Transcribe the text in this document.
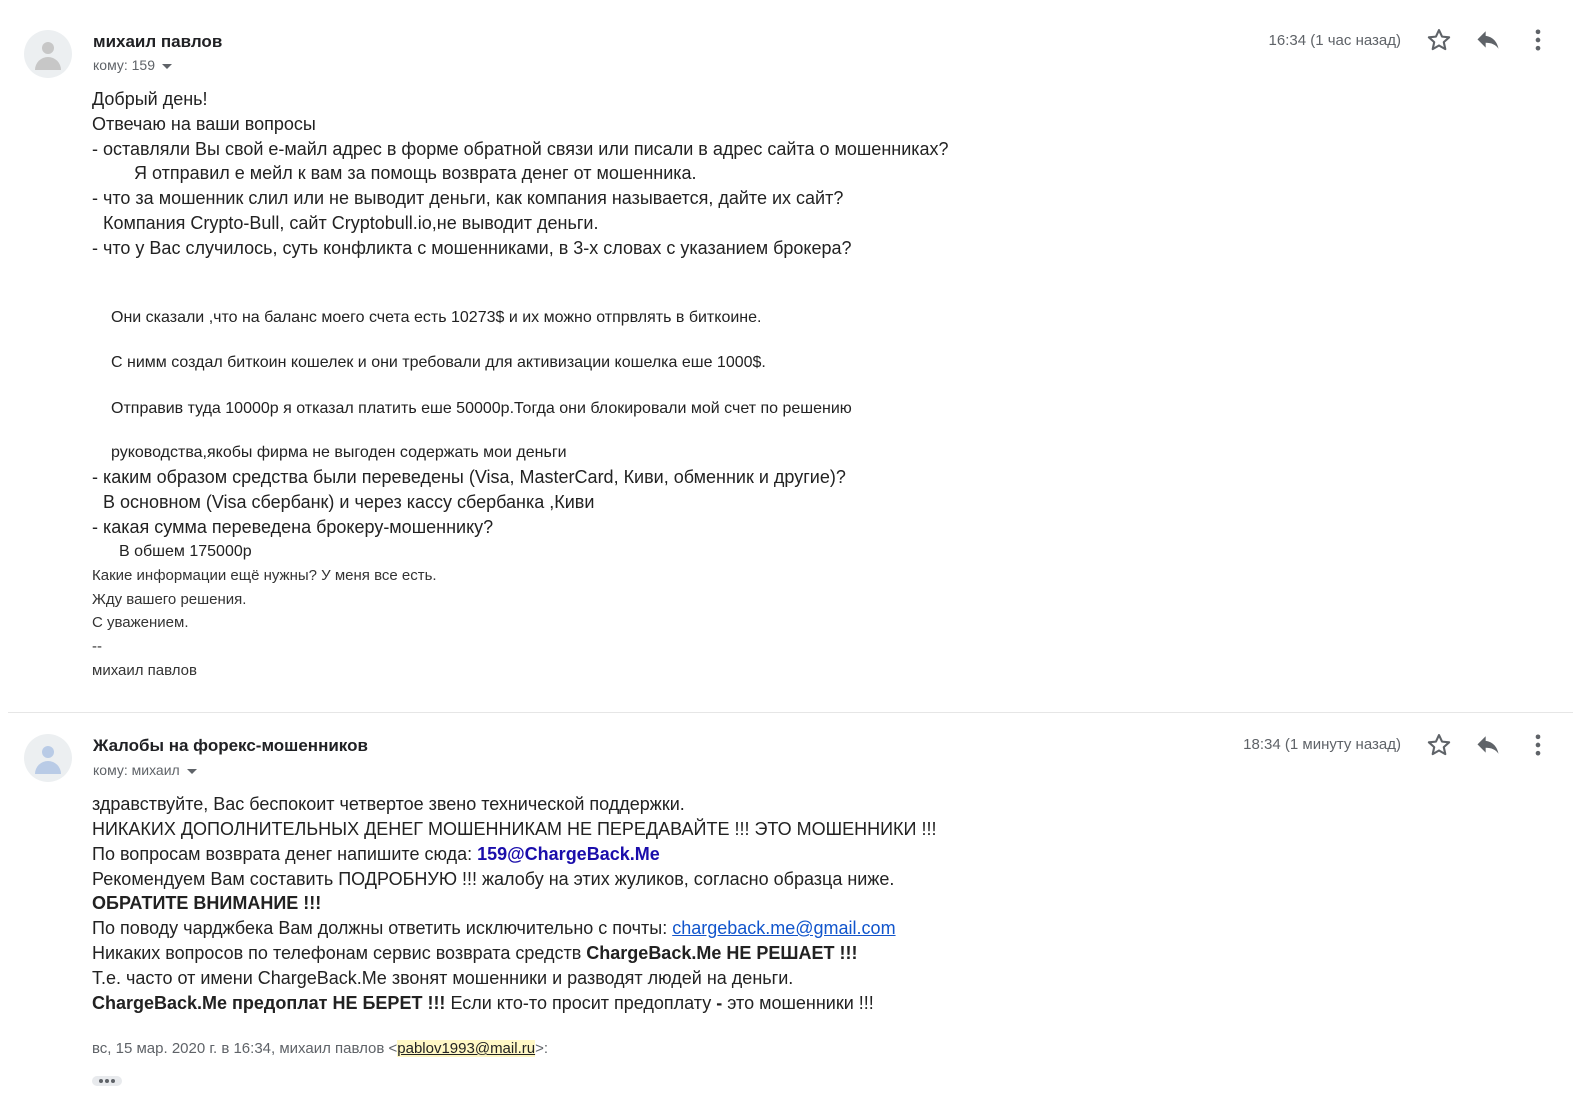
михаил павлов
кому: 159
16:34 (1 час назад)
Добрый день!
Отвечаю на ваши вопросы
- оставляли Вы свой e-майл адрес в форме обратной связи или писали в адрес сайта о мошенниках?
Я отправил е мейл к вам за помощь возврата денег от мошенника.
- что за мошенник слил или не выводит деньги, как компания называется, дайте их сайт?
Компания Crypto-Bull, сайт Cryptobull.io,не выводит деньги.
- что у Вас случилось, суть конфликта с мошенниками, в 3-х словах с указанием брокера?
Они сказали ,что на баланс моего счета есть 10273$ и их можно отпрвлять в биткоине.
С нимм создал биткоин кошелек и они требовали для активизации кошелка еше 1000$.
Отправив туда 10000р я отказал платить еше 50000р.Тогда они блокировали мой счет по решению
руководства,якобы фирма не выгоден содержать мои деньги
- каким образом средства были переведены (Visa, MasterCard, Киви, обменник и другие)?
В основном (Visa сбербанк) и через кассу сбербанка ,Киви
- какая сумма переведена брокеру-мошеннику?
В обшем 175000р
Какие информации ещё нужны? У меня все есть.
Жду вашего решения.
С уважением.
--
михаил павлов
Жалобы на форекс-мошенников
кому: михаил
18:34 (1 минуту назад)
здравствуйте, Вас беспокоит четвертое звено технической поддержки.
НИКАКИХ ДОПОЛНИТЕЛЬНЫХ ДЕНЕГ МОШЕННИКАМ НЕ ПЕРЕДАВАЙТЕ !!! ЭТО МОШЕННИКИ !!!
По вопросам возврата денег напишите сюда: 159@ChargeBack.Me
Рекомендуем Вам составить ПОДРОБНУЮ !!! жалобу на этих жуликов, согласно образца ниже.
ОБРАТИТЕ ВНИМАНИЕ !!!
По поводу чарджбека Вам должны ответить исключительно с почты: chargeback.me@gmail.com
Никаких вопросов по телефонам сервис возврата средств ChargeBack.Me НЕ РЕШАЕТ !!!
Т.е. часто от имени ChargeBack.Me звонят мошенники и разводят людей на деньги.
ChargeBack.Me предоплат НЕ БЕРЕТ !!! Если кто-то просит предоплату - это мошенники !!!
вс, 15 мар. 2020 г. в 16:34, михаил павлов <pablov1993@mail.ru>:
